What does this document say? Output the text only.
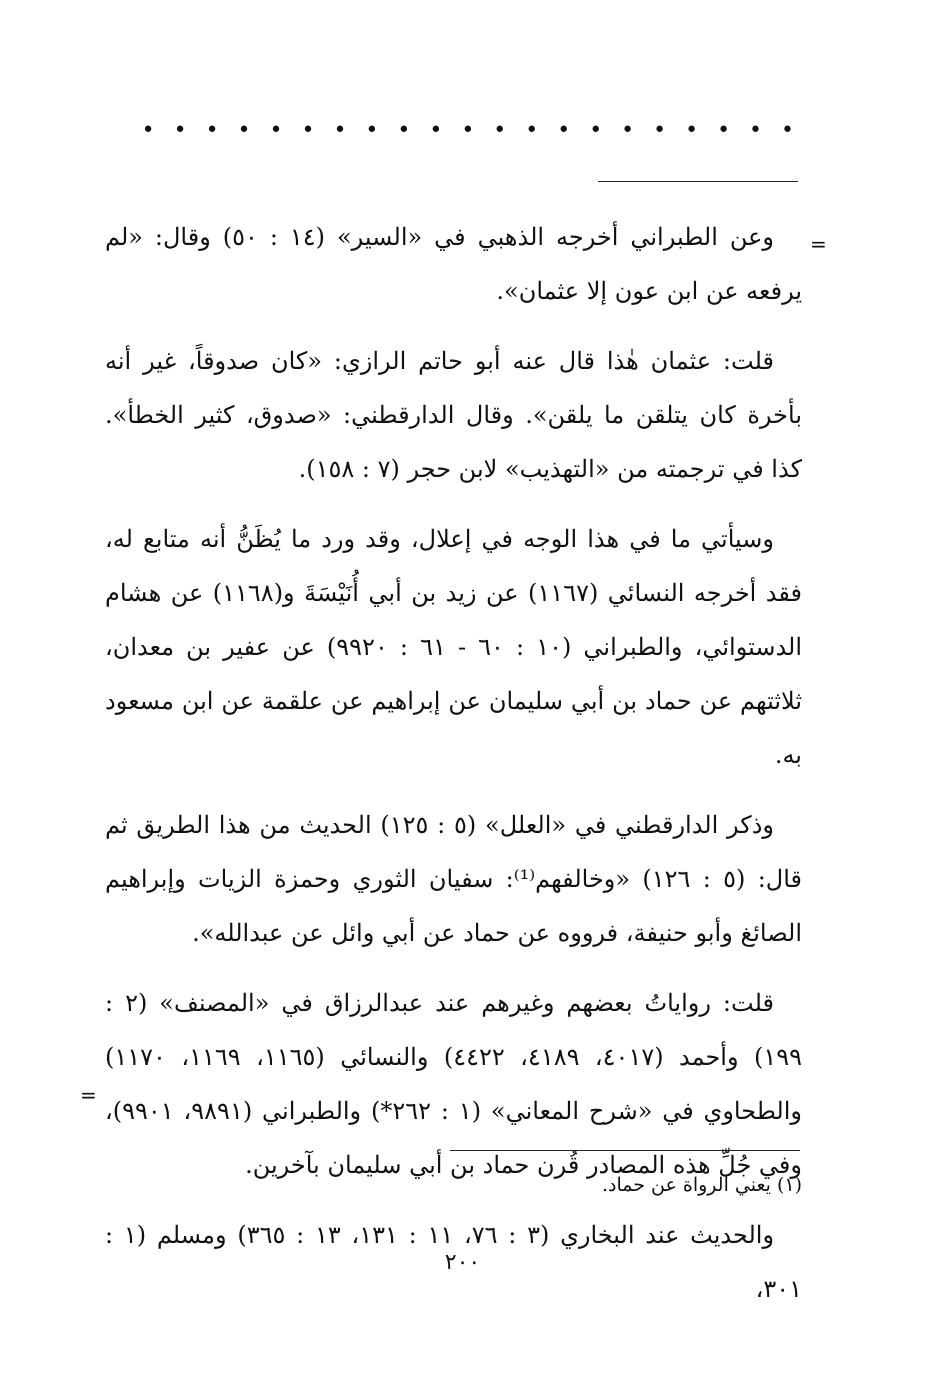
• • • • • • • • • • • • • • • • • • • • •
=

وعن الطبراني أخرجه الذهبي في «السير» (١٤ : ٥٠) وقال: «لم يرفعه عن ابن عون إلا عثمان».

قلت: عثمان هٰذا قال عنه أبو حاتم الرازي: «كان صدوقاً، غير أنه بأخرة كان يتلقن ما يلقن». وقال الدارقطني: «صدوق، كثير الخطأ». كذا في ترجمته من «التهذيب» لابن حجر (٧ : ١٥٨).

وسيأتي ما في هذا الوجه في إعلال، وقد ورد ما يُظَنُّ أنه متابع له، فقد أخرجه النسائي (١١٦٧) عن زيد بن أبي أُنَيْسَةَ و(١١٦٨) عن هشام الدستوائي، والطبراني (١٠ : ٦٠ - ٦١ : ٩٩٢٠) عن عفير بن معدان، ثلاثتهم عن حماد بن أبي سليمان عن إبراهيم عن علقمة عن ابن مسعود به.

وذكر الدارقطني في «العلل» (٥ : ١٢٥) الحديث من هذا الطريق ثم قال: (٥ : ١٢٦) «وخالفهم⁽¹⁾: سفيان الثوري وحمزة الزيات وإبراهيم الصائغ وأبو حنيفة، فرووه عن حماد عن أبي وائل عن عبدالله».

قلت: رواياتُ بعضهم وغيرهم عند عبدالرزاق في «المصنف» (٢ : ١٩٩) وأحمد (٤٠١٧، ٤١٨٩، ٤٤٢٢) والنسائي (١١٦٥، ١١٦٩، ١١٧٠) والطحاوي في «شرح المعاني» (١ : ٢٦٢*) والطبراني (٩٨٩١، ٩٩٠١)، وفي جُلِّ هذه المصادر قُرن حماد بن أبي سليمان بآخرين.

والحديث عند البخاري (٣ : ٧٦، ١١ : ١٣١، ١٣ : ٣٦٥) ومسلم (١ : ٣٠١،

=
(١) يعني الرواة عن حماد.
٢٠٠
